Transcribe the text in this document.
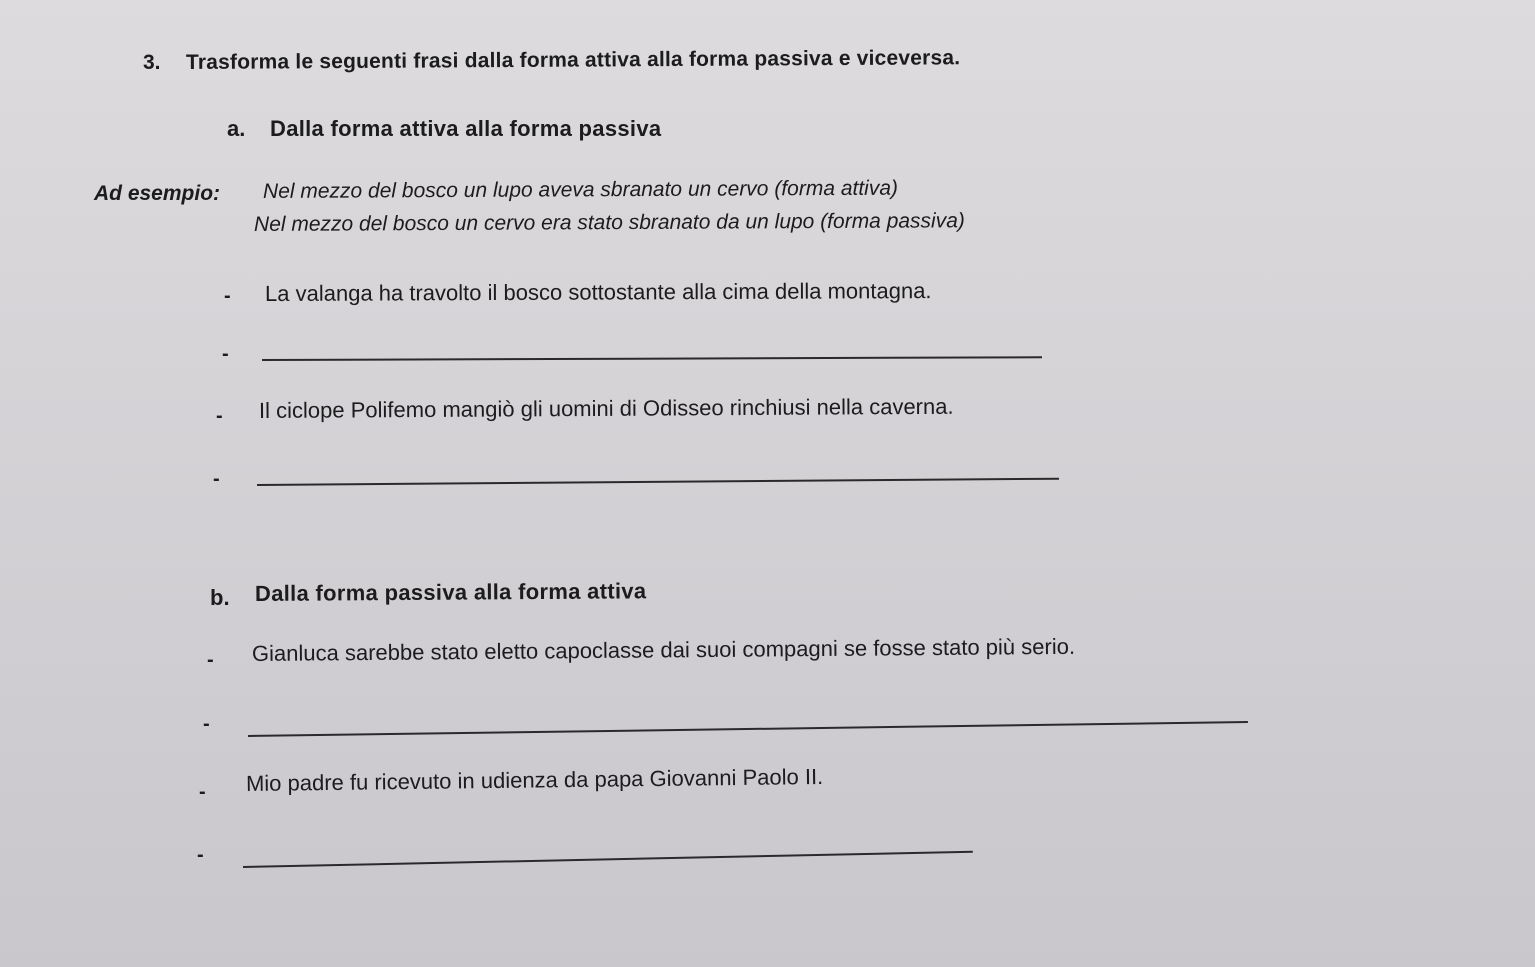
3. Trasforma le seguenti frasi dalla forma attiva alla forma passiva e viceversa.
a. Dalla forma attiva alla forma passiva
Ad esempio: Nel mezzo del bosco un lupo aveva sbranato un cervo (forma attiva)
Nel mezzo del bosco un cervo era stato sbranato da un lupo (forma passiva)
- La valanga ha travolto il bosco sottostante alla cima della montagna.
-
- Il ciclope Polifemo mangiò gli uomini di Odisseo rinchiusi nella caverna.
-
b. Dalla forma passiva alla forma attiva
- Gianluca sarebbe stato eletto capoclasse dai suoi compagni se fosse stato più serio.
-
- Mio padre fu ricevuto in udienza da papa Giovanni Paolo II.
-
